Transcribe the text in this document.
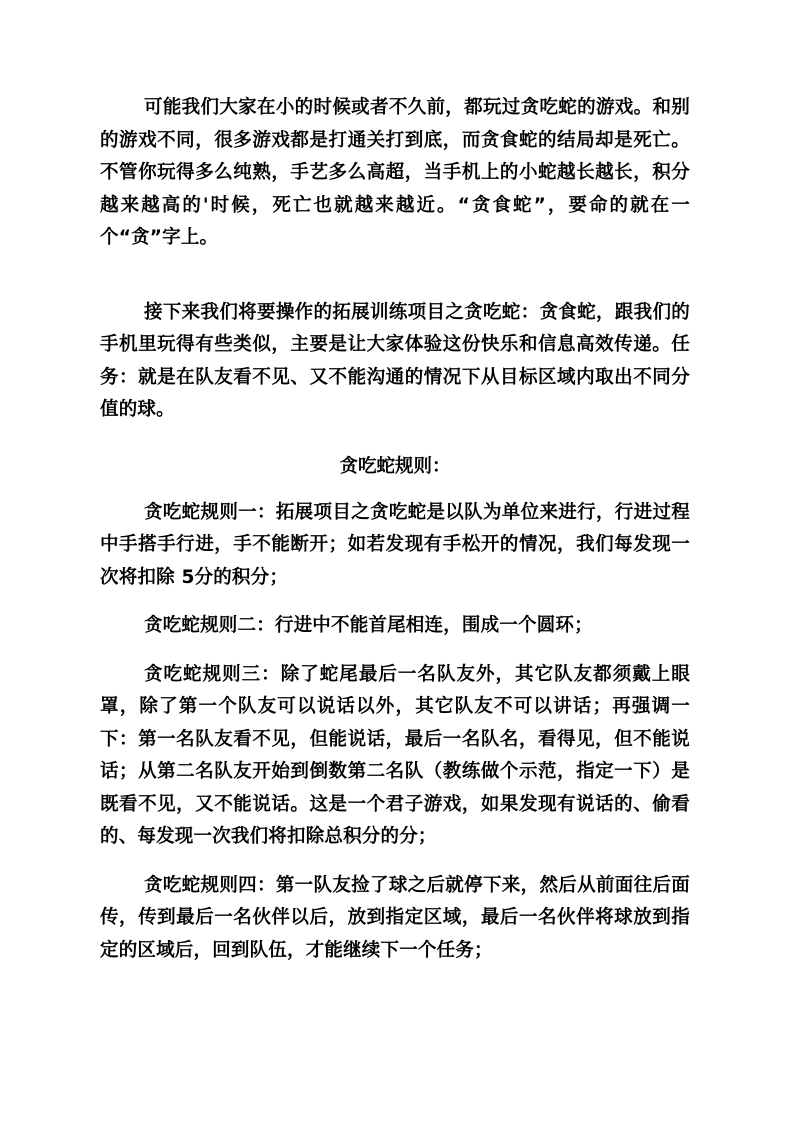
可能我们大家在小的时候或者不久前，都玩过贪吃蛇的游戏。和别的游戏不同，很多游戏都是打通关打到底，而贪食蛇的结局却是死亡。不管你玩得多么纯熟，手艺多么高超，当手机上的小蛇越长越长，积分越来越高的'时候，死亡也就越来越近。“贪食蛇”，要命的就在一个“贪”字上。

接下来我们将要操作的拓展训练项目之贪吃蛇：贪食蛇，跟我们的手机里玩得有些类似，主要是让大家体验这份快乐和信息高效传递。任务：就是在队友看不见、又不能沟通的情况下从目标区域内取出不同分值的球。

贪吃蛇规则：

贪吃蛇规则一：拓展项目之贪吃蛇是以队为单位来进行，行进过程中手搭手行进，手不能断开；如若发现有手松开的情况，我们每发现一次将扣除 5分的积分；

贪吃蛇规则二：行进中不能首尾相连，围成一个圆环；

贪吃蛇规则三：除了蛇尾最后一名队友外，其它队友都须戴上眼罩，除了第一个队友可以说话以外，其它队友不可以讲话；再强调一下：第一名队友看不见，但能说话，最后一名队名，看得见，但不能说话；从第二名队友开始到倒数第二名队（教练做个示范，指定一下）是既看不见，又不能说话。这是一个君子游戏，如果发现有说话的、偷看的、每发现一次我们将扣除总积分的分；

贪吃蛇规则四：第一队友捡了球之后就停下来，然后从前面往后面传，传到最后一名伙伴以后，放到指定区域，最后一名伙伴将球放到指定的区域后，回到队伍，才能继续下一个任务；
